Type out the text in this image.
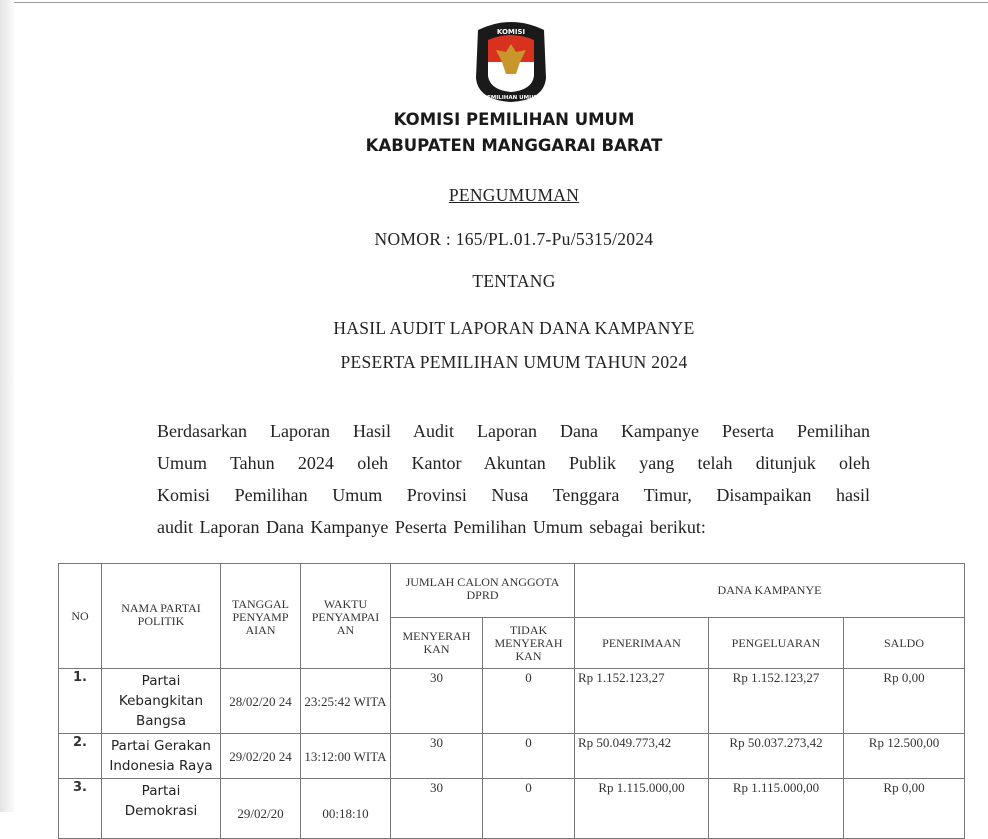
KOMISI
PEMILIHAN UMUM
KOMISI PEMILIHAN UMUM
KABUPATEN MANGGARAI BARAT
PENGUMUMAN
NOMOR : 165/PL.01.7-Pu/5315/2024
TENTANG
HASIL AUDIT LAPORAN DANA KAMPANYE
PESERTA PEMILIHAN UMUM TAHUN 2024
Berdasarkan Laporan Hasil Audit Laporan Dana Kampanye Peserta Pemilihan
Umum Tahun 2024 oleh Kantor Akuntan Publik yang telah ditunjuk oleh
Komisi Pemilihan Umum Provinsi Nusa Tenggara Timur, Disampaikan hasil
audit Laporan Dana Kampanye Peserta Pemilihan Umum sebagai berikut:
NO	NAMA PARTAI POLITIK	TANGGAL PENYAMP AIAN	WAKTU PENYAMPAI AN	JUMLAH CALON ANGGOTA DPRD		DANA KAMPANYE		
				MENYERAH KAN	TIDAK MENYERAH KAN	PENERIMAAN	PENGELUARAN	SALDO
1.	Partai Kebangkitan Bangsa	28/02/20 24	23:25:42 WITA	30	0	Rp 1.152.123,27	Rp 1.152.123,27	Rp 0,00
2.	Partai Gerakan Indonesia Raya	29/02/20 24	13:12:00 WITA	30	0	Rp 50.049.773,42	Rp 50.037.273,42	Rp 12.500,00
3.	Partai Demokrasi	29/02/20	00:18:10	30	0	Rp 1.115.000,00	Rp 1.115.000,00	Rp 0,00
